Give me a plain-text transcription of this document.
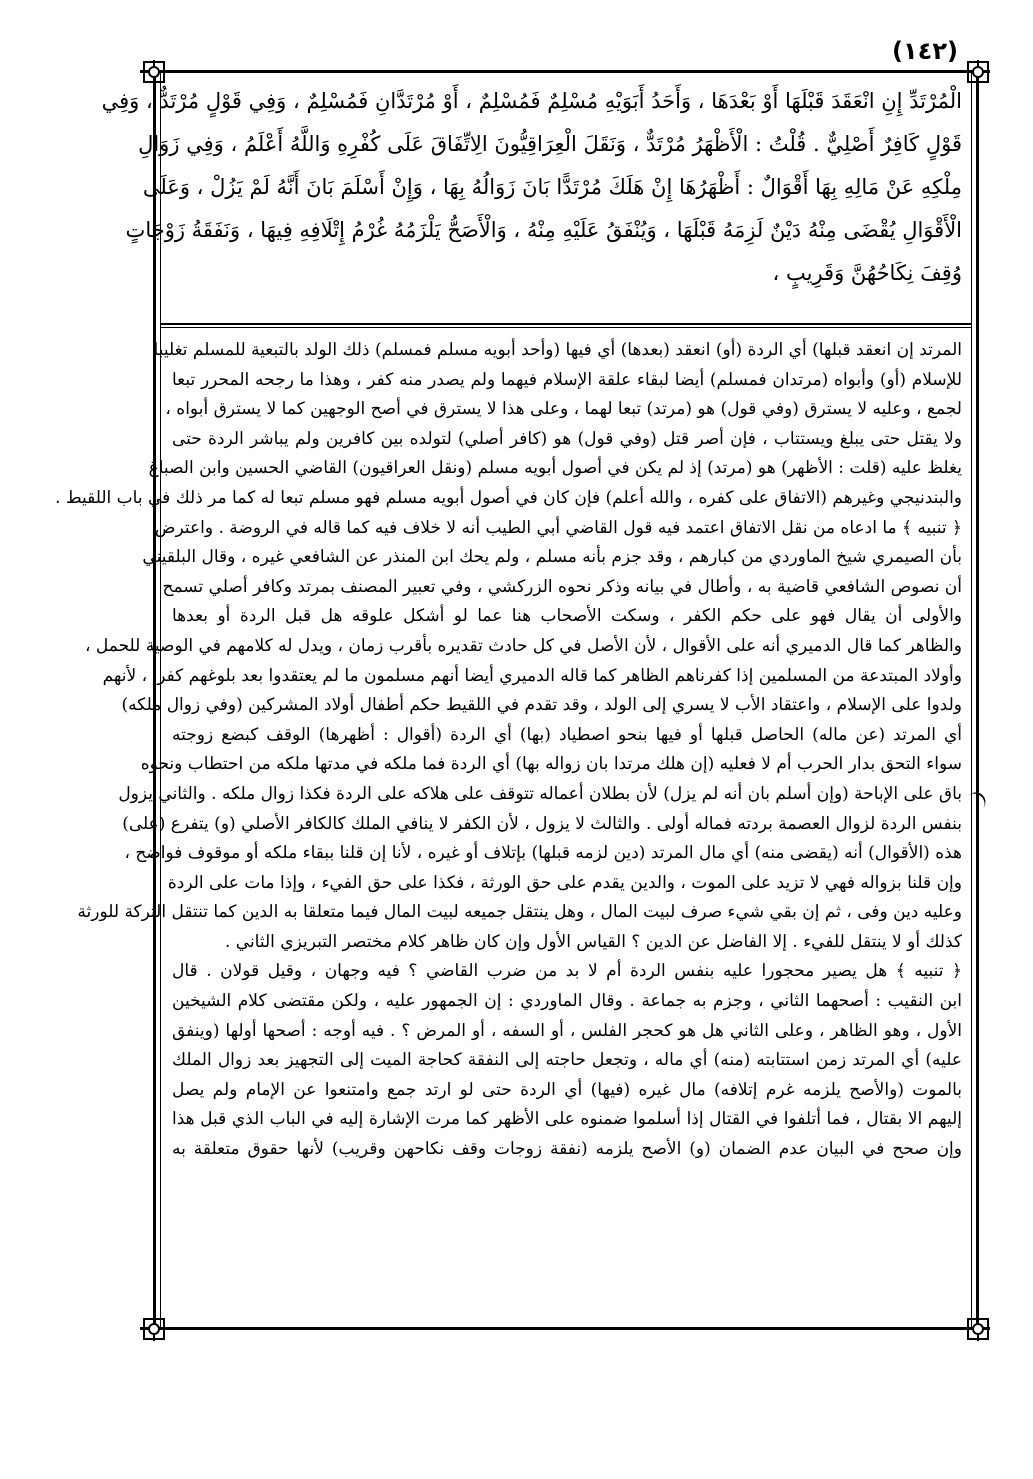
(١٤٢)
الْمُرْتَدِّ إِنِ انْعَقَدَ قَبْلَهَا أَوْ بَعْدَهَا ، وَأَحَدُ أَبَوَيْهِ مُسْلِمٌ فَمُسْلِمٌ ، أَوْ مُرْتَدَّانِ فَمُسْلِمٌ ، وَفِي قَوْلٍ مُرْتَدٌّ ، وَفِي
قَوْلٍ كَافِرٌ أَصْلِيٌّ . قُلْتُ : الْأَظْهَرُ مُرْتَدٌّ ، وَنَقَلَ الْعِرَاقِيُّونَ الِاتِّفَاقَ عَلَى كُفْرِهِ وَاللَّهُ أَعْلَمُ ، وَفِي زَوَالِ
مِلْكِهِ عَنْ مَالِهِ بِهَا أَقْوَالٌ : أَظْهَرُهَا إِنْ هَلَكَ مُرْتَدًّا بَانَ زَوَالُهُ بِهَا ، وَإِنْ أَسْلَمَ بَانَ أَنَّهُ لَمْ يَزُلْ ، وَعَلَى
الْأَقْوَالِ يُقْضَى مِنْهُ دَيْنٌ لَزِمَهُ قَبْلَهَا ، وَيُنْفَقُ عَلَيْهِ مِنْهُ ، وَالْأَصَحُّ يَلْزَمُهُ غُرْمُ إِتْلَافِهِ فِيهَا ، وَنَفَقَةُ زَوْجَاتٍ
وُقِفَ نِكَاحُهُنَّ وَقَرِيبٍ ،
المرتد إن انعقد قبلها) أي الردة (أو) انعقد (بعدها) أي فيها (وأحد أبويه مسلم فمسلم) ذلك الولد بالتبعية للمسلم تغليبا
للإسلام (أو) وأبواه (مرتدان فمسلم) أيضا لبقاء علقة الإسلام فيهما ولم يصدر منه كفر ، وهذا ما رجحه المحرر تبعا
لجمع ، وعليه لا يسترق (وفي قول) هو (مرتد) تبعا لهما ، وعلى هذا لا يسترق في أصح الوجهين كما لا يسترق أبواه ،
ولا يقتل حتى يبلغ ويستتاب ، فإن أصر قتل (وفي قول) هو (كافر أصلي) لتولده بين كافرين ولم يباشر الردة حتى
يغلظ عليه (قلت : الأظهر) هو (مرتد) إذ لم يكن في أصول أبويه مسلم (ونقل العراقيون) القاضي الحسين وابن الصباغ
والبندنيجي وغيرهم (الاتفاق على كفره ، والله أعلم) فإن كان في أصول أبويه مسلم فهو مسلم تبعا له كما مر ذلك في باب اللقيط .
﴿ تنبيه ﴾ ما ادعاه من نقل الاتفاق اعتمد فيه قول القاضي أبي الطيب أنه لا خلاف فيه كما قاله في الروضة . واعترض
بأن الصيمري شيخ الماوردي من كبارهم ، وقد جزم بأنه مسلم ، ولم يحك ابن المنذر عن الشافعي غيره ، وقال البلقيني
أن نصوص الشافعي قاضية به ، وأطال في بيانه وذكر نحوه الزركشي ، وفي تعبير المصنف بمرتد وكافر أصلي تسمح ،
والأولى أن يقال فهو على حكم الكفر ، وسكت الأصحاب هنا عما لو أشكل علوقه هل قبل الردة أو بعدها
والظاهر كما قال الدميري أنه على الأقوال ، لأن الأصل في كل حادث تقديره بأقرب زمان ، ويدل له كلامهم في الوصية للحمل ،
وأولاد المبتدعة من المسلمين إذا كفرناهم الظاهر كما قاله الدميري أيضا أنهم مسلمون ما لم يعتقدوا بعد بلوغهم كفرا ، لأنهم
ولدوا على الإسلام ، واعتقاد الأب لا يسري إلى الولد ، وقد تقدم في اللقيط حكم أطفال أولاد المشركين (وفي زوال ملكه)
أي المرتد (عن ماله) الحاصل قبلها أو فيها بنحو اصطياد (بها) أي الردة (أقوال : أظهرها) الوقف كبضع زوجته
سواء التحق بدار الحرب أم لا فعليه (إن هلك مرتدا بان زواله بها) أي الردة فما ملكه في مدتها ملكه من احتطاب ونحوه
باق على الإباحة (وإن أسلم بان أنه لم يزل) لأن بطلان أعماله تتوقف على هلاكه على الردة فكذا زوال ملكه . والثاني يزول
بنفس الردة لزوال العصمة بردته فماله أولى . والثالث لا يزول ، لأن الكفر لا ينافي الملك كالكافر الأصلي (و) يتفرع (على)
هذه (الأقوال) أنه (يقضى منه) أي مال المرتد (دين لزمه قبلها) بإتلاف أو غيره ، لأنا إن قلنا ببقاء ملكه أو موقوف فواضح ،
وإن قلنا بزواله فهي لا تزيد على الموت ، والدين يقدم على حق الورثة ، فكذا على حق الفيء ، وإذا مات على الردة
وعليه دين وفى ، ثم إن بقي شيء صرف لبيت المال ، وهل ينتقل جميعه لبيت المال فيما متعلقا به الدين كما تنتقل التركة للورثة
كذلك أو لا ينتقل للفيء . إلا الفاضل عن الدين ؟ القياس الأول وإن كان ظاهر كلام مختصر التبريزي الثاني .
﴿ تنبيه ﴾ هل يصير محجورا عليه بنفس الردة أم لا بد من ضرب القاضي ؟ فيه وجهان ، وقيل قولان . قال
ابن النقيب : أصحهما الثاني ، وجزم به جماعة . وقال الماوردي : إن الجمهور عليه ، ولكن مقتضى كلام الشيخين
الأول ، وهو الظاهر ، وعلى الثاني هل هو كحجر الفلس ، أو السفه ، أو المرض ؟ . فيه أوجه : أصحها أولها (وينفق
عليه) أي المرتد زمن استتابته (منه) أي ماله ، وتجعل حاجته إلى النفقة كحاجة الميت إلى التجهيز بعد زوال الملك
بالموت (والأصح يلزمه غرم إتلافه) مال غيره (فيها) أي الردة حتى لو ارتد جمع وامتنعوا عن الإمام ولم يصل
إليهم الا بقتال ، فما أتلفوا في القتال إذا أسلموا ضمنوه على الأظهر كما مرت الإشارة إليه في الباب الذي قبل هذا
وإن صحح في البيان عدم الضمان (و) الأصح يلزمه (نفقة زوجات وقف نكاحهن وقريب) لأنها حقوق متعلقة به
